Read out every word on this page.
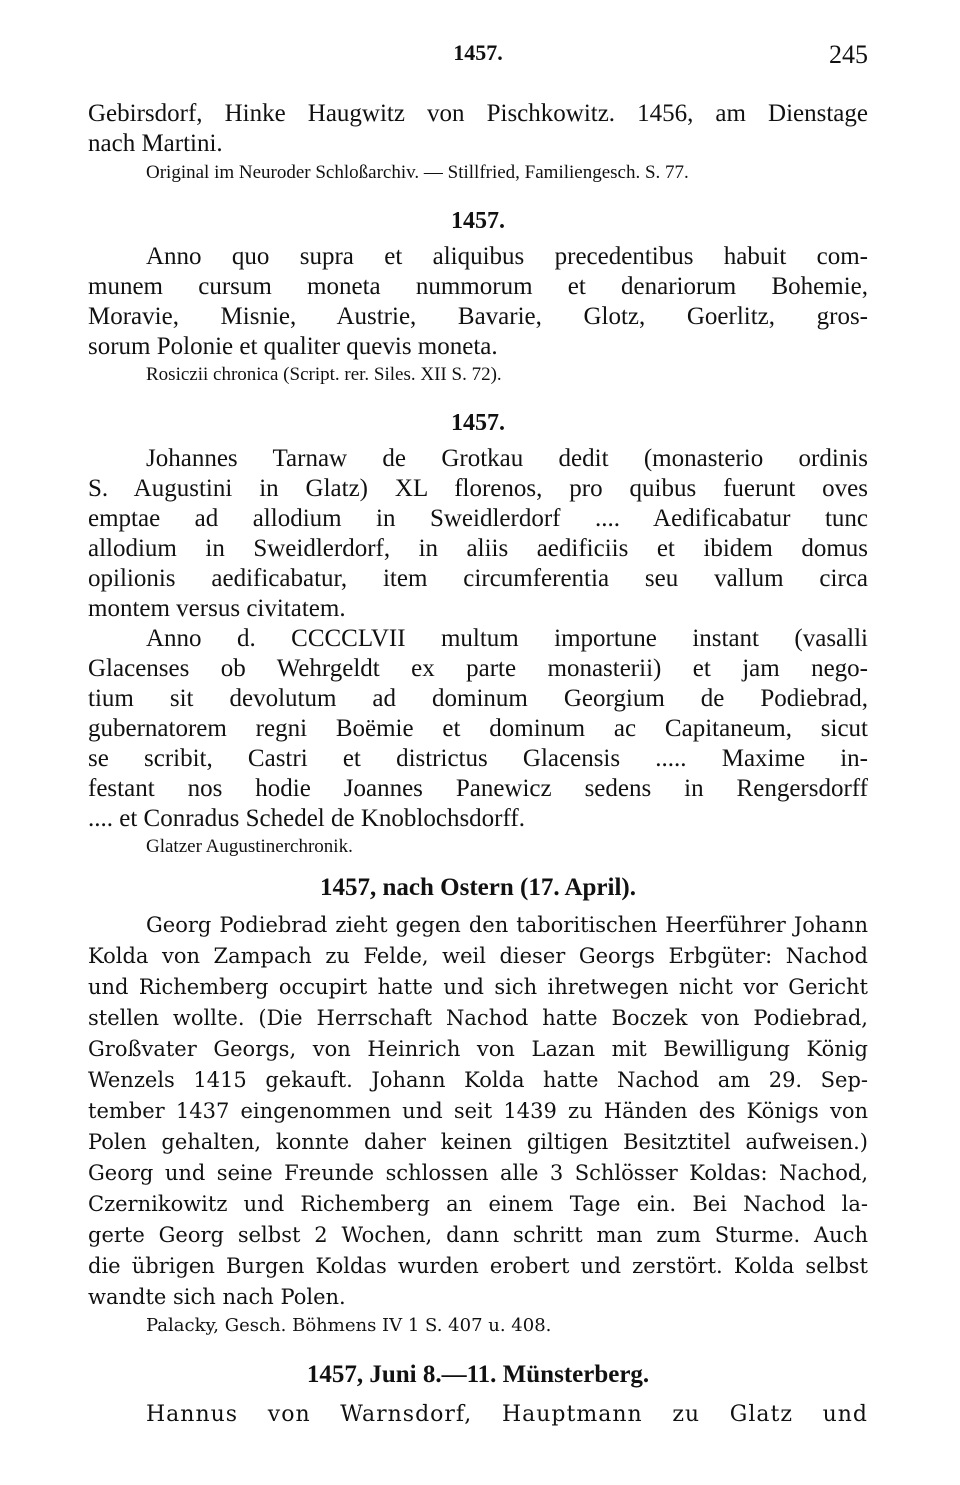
1457.	245
Gebirsdorf, Hinke Haugwitz von Pischkowitz. 1456, am Dienstage
nach Martini.
Original im Neuroder Schloßarchiv. — Stillfried, Familiengesch. S. 77.
1457.
Anno quo supra et aliquibus precedentibus habuit com-
munem cursum moneta nummorum et denariorum Bohemie,
Moravie, Misnie, Austrie, Bavarie, Glotz, Goerlitz, gros-
sorum Polonie et qualiter quevis moneta.
Rosiczii chronica (Script. rer. Siles. XII S. 72).
1457.
Johannes Tarnaw de Grotkau dedit (monasterio ordinis
S. Augustini in Glatz) XL florenos, pro quibus fuerunt oves
emptae ad allodium in Sweidlerdorf .... Aedificabatur tunc
allodium in Sweidlerdorf, in aliis aedificiis et ibidem domus
opilionis aedificabatur, item circumferentia seu vallum circa
montem versus civitatem.
Anno d. CCCCLVII multum importune instant (vasalli
Glacenses ob Wehrgeldt ex parte monasterii) et jam nego-
tium sit devolutum ad dominum Georgium de Podiebrad,
gubernatorem regni Boëmie et dominum ac Capitaneum, sicut
se scribit, Castri et districtus Glacensis ..... Maxime in-
festant nos hodie Joannes Panewicz sedens in Rengersdorff
.... et Conradus Schedel de Knoblochsdorff.
Glatzer Augustinerchronik.
1457, nach Ostern (17. April).
Georg Podiebrad zieht gegen den taboritischen Heerführer Johann
Kolda von Zampach zu Felde, weil dieser Georgs Erbgüter: Nachod
und Richemberg occupirt hatte und sich ihretwegen nicht vor Gericht
stellen wollte. (Die Herrschaft Nachod hatte Boczek von Podiebrad,
Großvater Georgs, von Heinrich von Lazan mit Bewilligung König
Wenzels 1415 gekauft. Johann Kolda hatte Nachod am 29. Sep-
tember 1437 eingenommen und seit 1439 zu Händen des Königs von
Polen gehalten, konnte daher keinen giltigen Besitztitel aufweisen.)
Georg und seine Freunde schlossen alle 3 Schlösser Koldas: Nachod,
Czernikowitz und Richemberg an einem Tage ein. Bei Nachod la-
gerte Georg selbst 2 Wochen, dann schritt man zum Sturme. Auch
die übrigen Burgen Koldas wurden erobert und zerstört. Kolda selbst
wandte sich nach Polen.
Palacky, Gesch. Böhmens IV 1 S. 407 u. 408.
1457, Juni 8.—11. Münsterberg.
Hannus von Warnsdorf, Hauptmann zu Glatz und
